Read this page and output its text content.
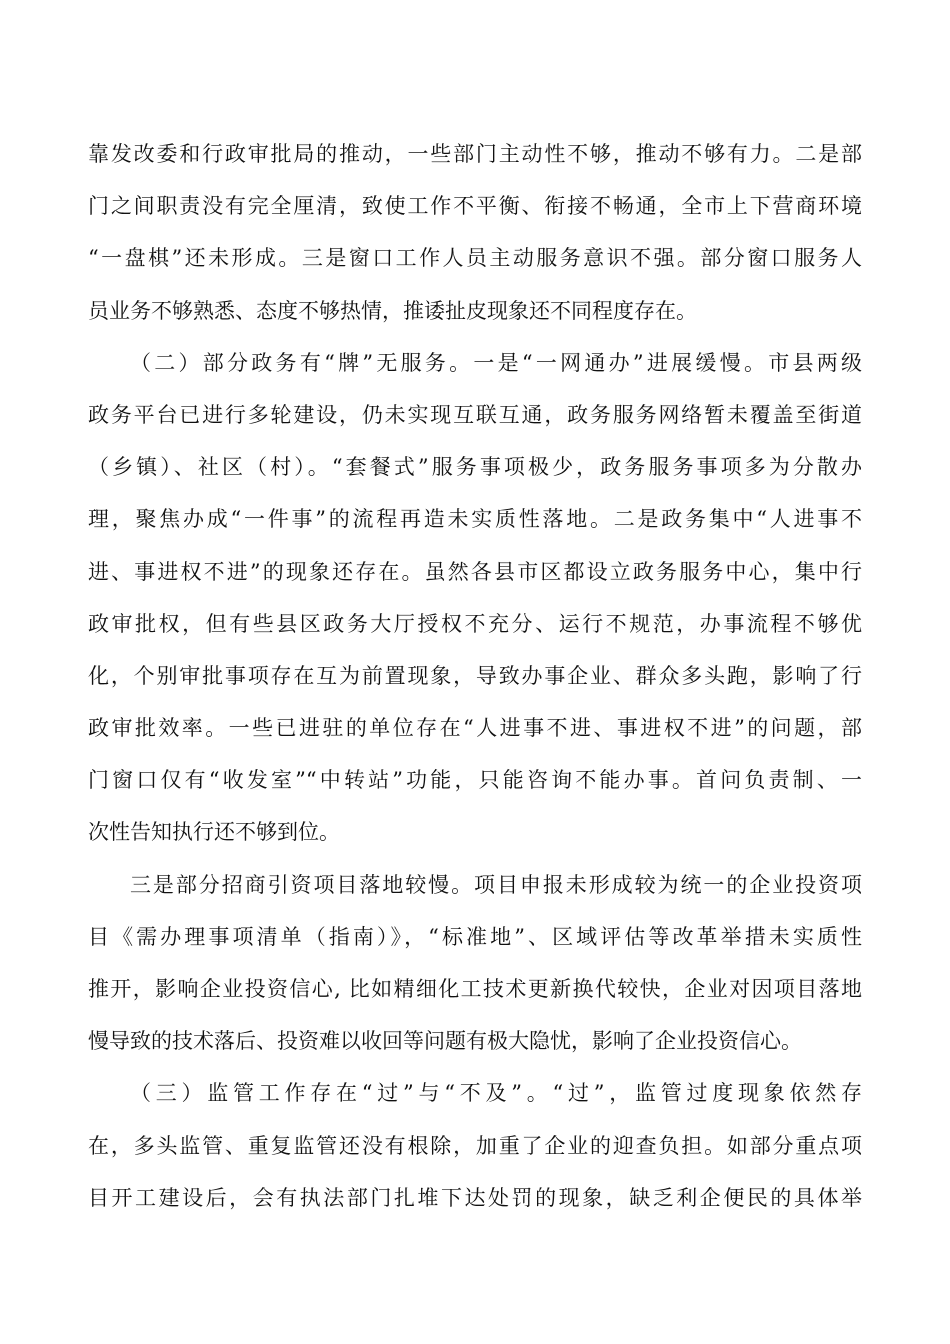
靠发改委和行政审批局的推动，一些部门主动性不够，推动不够有力。二是部
门之间职责没有完全厘清，致使工作不平衡、衔接不畅通，全市上下营商环境
“一盘棋”还未形成。三是窗口工作人员主动服务意识不强。部分窗口服务人
员业务不够熟悉、态度不够热情，推诿扯皮现象还不同程度存在。
（二）部分政务有“牌”无服务。一是“一网通办”进展缓慢。市县两级
政务平台已进行多轮建设，仍未实现互联互通，政务服务网络暂未覆盖至街道
（乡镇）、社区（村）。“套餐式”服务事项极少，政务服务事项多为分散办
理，聚焦办成“一件事”的流程再造未实质性落地。二是政务集中“人进事不
进、事进权不进”的现象还存在。虽然各县市区都设立政务服务中心，集中行
政审批权，但有些县区政务大厅授权不充分、运行不规范，办事流程不够优
化，个别审批事项存在互为前置现象，导致办事企业、群众多头跑，影响了行
政审批效率。一些已进驻的单位存在“人进事不进、事进权不进”的问题，部
门窗口仅有“收发室”“中转站”功能，只能咨询不能办事。首问负责制、一
次性告知执行还不够到位。
三是部分招商引资项目落地较慢。项目申报未形成较为统一的企业投资项
目《需办理事项清单（指南）》，“标准地”、区域评估等改革举措未实质性
推开，影响企业投资信心, 比如精细化工技术更新换代较快，企业对因项目落地
慢导致的技术落后、投资难以收回等问题有极大隐忧，影响了企业投资信心。
（三）监管工作存在“过”与“不及”。“过”，监管过度现象依然存
在，多头监管、重复监管还没有根除，加重了企业的迎查负担。如部分重点项
目开工建设后，会有执法部门扎堆下达处罚的现象，缺乏利企便民的具体举
